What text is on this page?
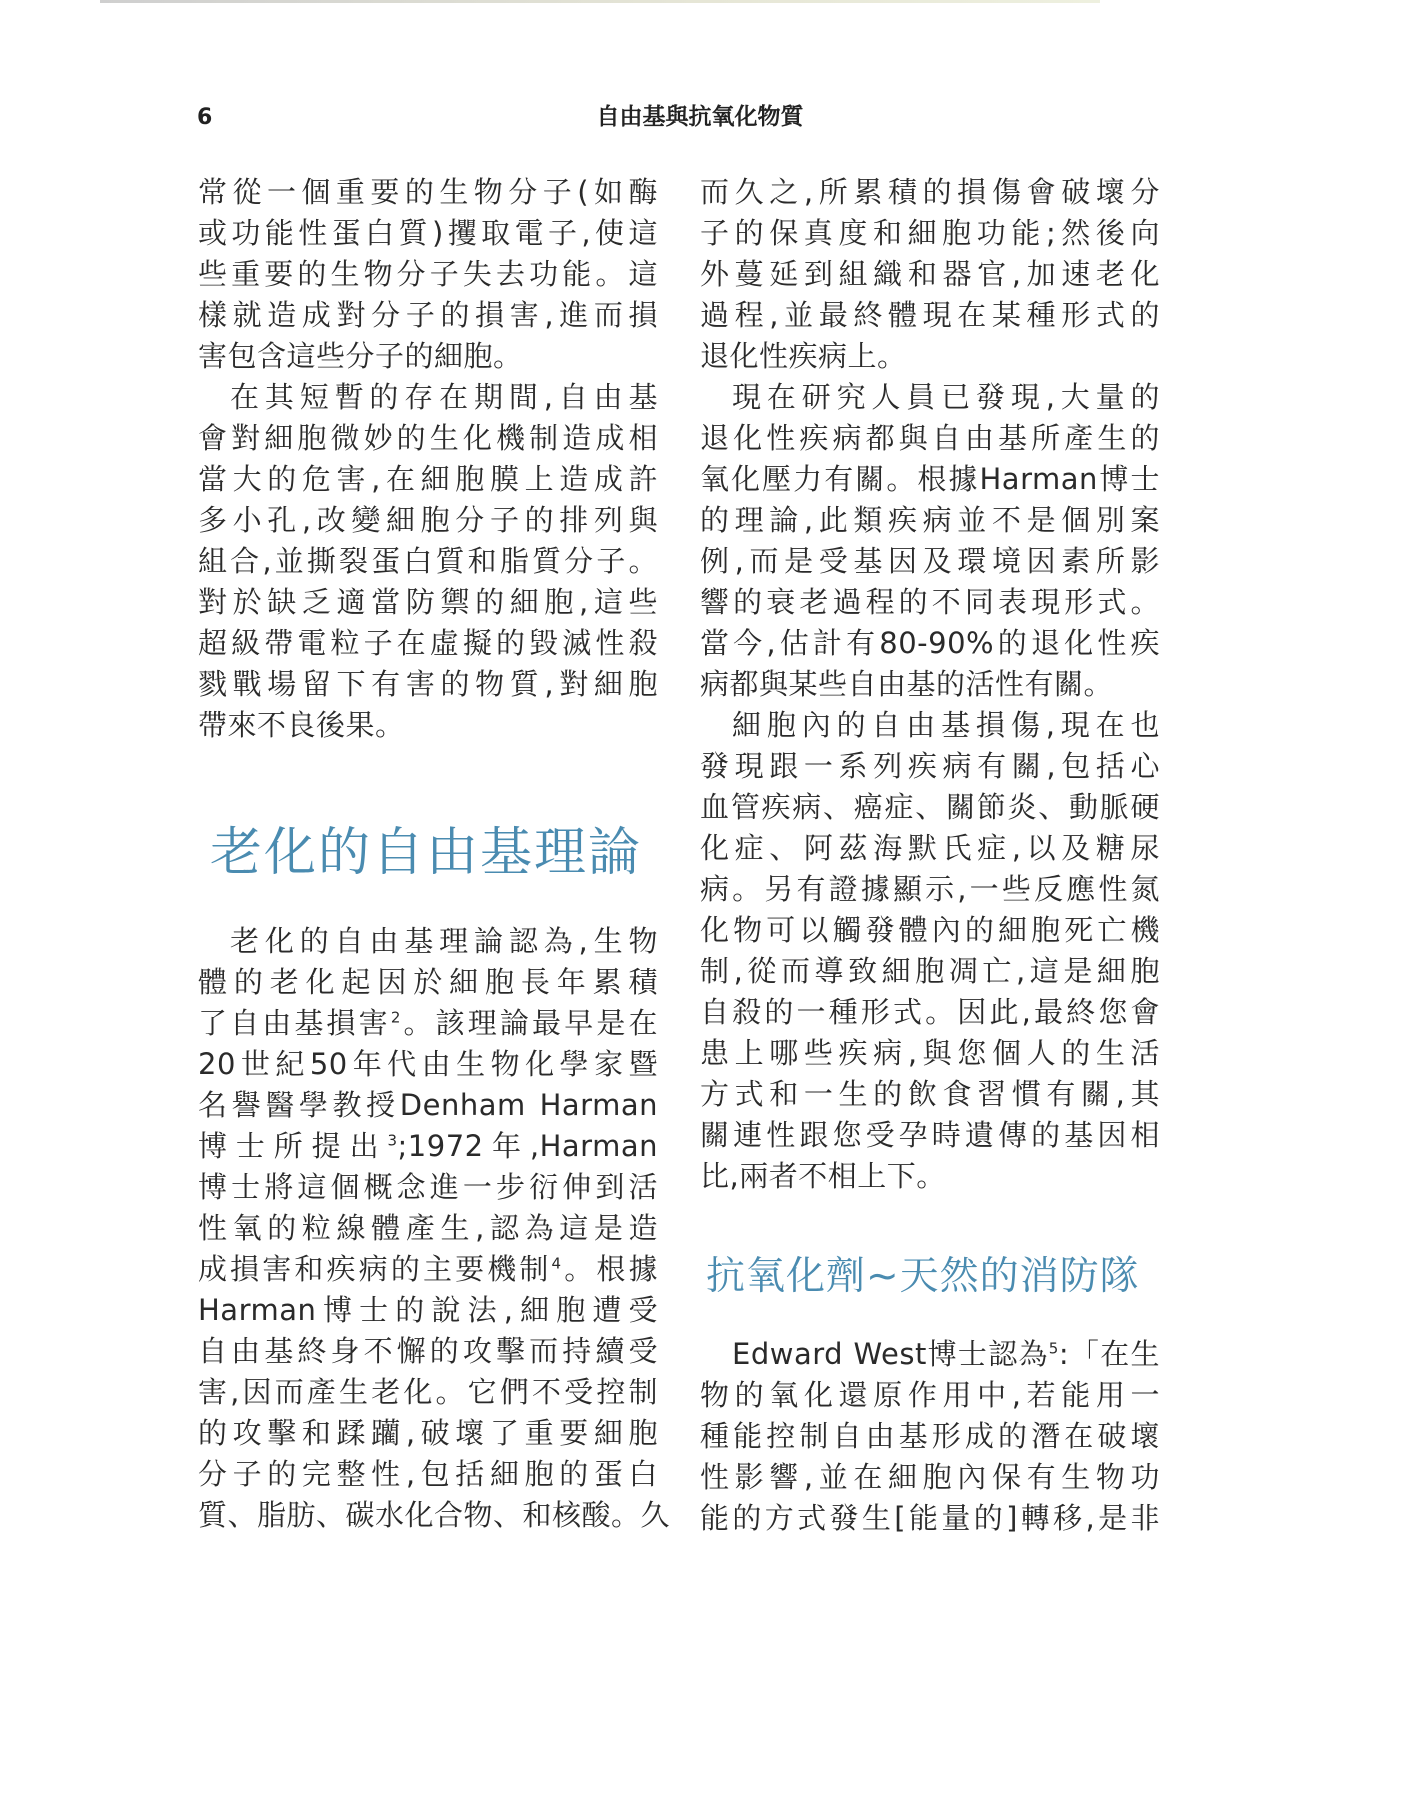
6	自由基與抗氧化物質
常從一個重要的生物分子(如酶
或功能性蛋白質)攫取電子,使這
些重要的生物分子失去功能。這
樣就造成對分子的損害,進而損
害包含這些分子的細胞。
在其短暫的存在期間,自由基
會對細胞微妙的生化機制造成相
當大的危害,在細胞膜上造成許
多小孔,改變細胞分子的排列與
組合,並撕裂蛋白質和脂質分子。
對於缺乏適當防禦的細胞,這些
超級帶電粒子在虛擬的毀滅性殺
戮戰場留下有害的物質,對細胞
帶來不良後果。
老化的自由基理論
老化的自由基理論認為,生物
體的老化起因於細胞長年累積
了自由基損害$^2$。該理論最早是在
20世紀50年代由生物化學家暨
名譽醫學教授Denham Harman
博士所提出$^3$;1972年,Harman
博士將這個概念進一步衍伸到活
性氧的粒線體產生,認為這是造
成損害和疾病的主要機制$^4$。根據
Harman博士的說法,細胞遭受
自由基終身不懈的攻擊而持續受
害,因而產生老化。它們不受控制
的攻擊和蹂躪,破壞了重要細胞
分子的完整性,包括細胞的蛋白
質、脂肪、碳水化合物、和核酸。久
而久之,所累積的損傷會破壞分
子的保真度和細胞功能;然後向
外蔓延到組織和器官,加速老化
過程,並最終體現在某種形式的
退化性疾病上。
現在研究人員已發現,大量的
退化性疾病都與自由基所產生的
氧化壓力有關。根據Harman博士
的理論,此類疾病並不是個別案
例,而是受基因及環境因素所影
響的衰老過程的不同表現形式。
當今,估計有80-90%的退化性疾
病都與某些自由基的活性有關。
細胞內的自由基損傷,現在也
發現跟一系列疾病有關,包括心
血管疾病、癌症、關節炎、動脈硬
化症、阿茲海默氏症,以及糖尿
病。另有證據顯示,一些反應性氮
化物可以觸發體內的細胞死亡機
制,從而導致細胞凋亡,這是細胞
自殺的一種形式。因此,最終您會
患上哪些疾病,與您個人的生活
方式和一生的飲食習慣有關,其
關連性跟您受孕時遺傳的基因相
比,兩者不相上下。
抗氧化劑~天然的消防隊
Edward West博士認為$^5$:「在生
物的氧化還原作用中,若能用一
種能控制自由基形成的潛在破壞
性影響,並在細胞內保有生物功
能的方式發生[能量的]轉移,是非
